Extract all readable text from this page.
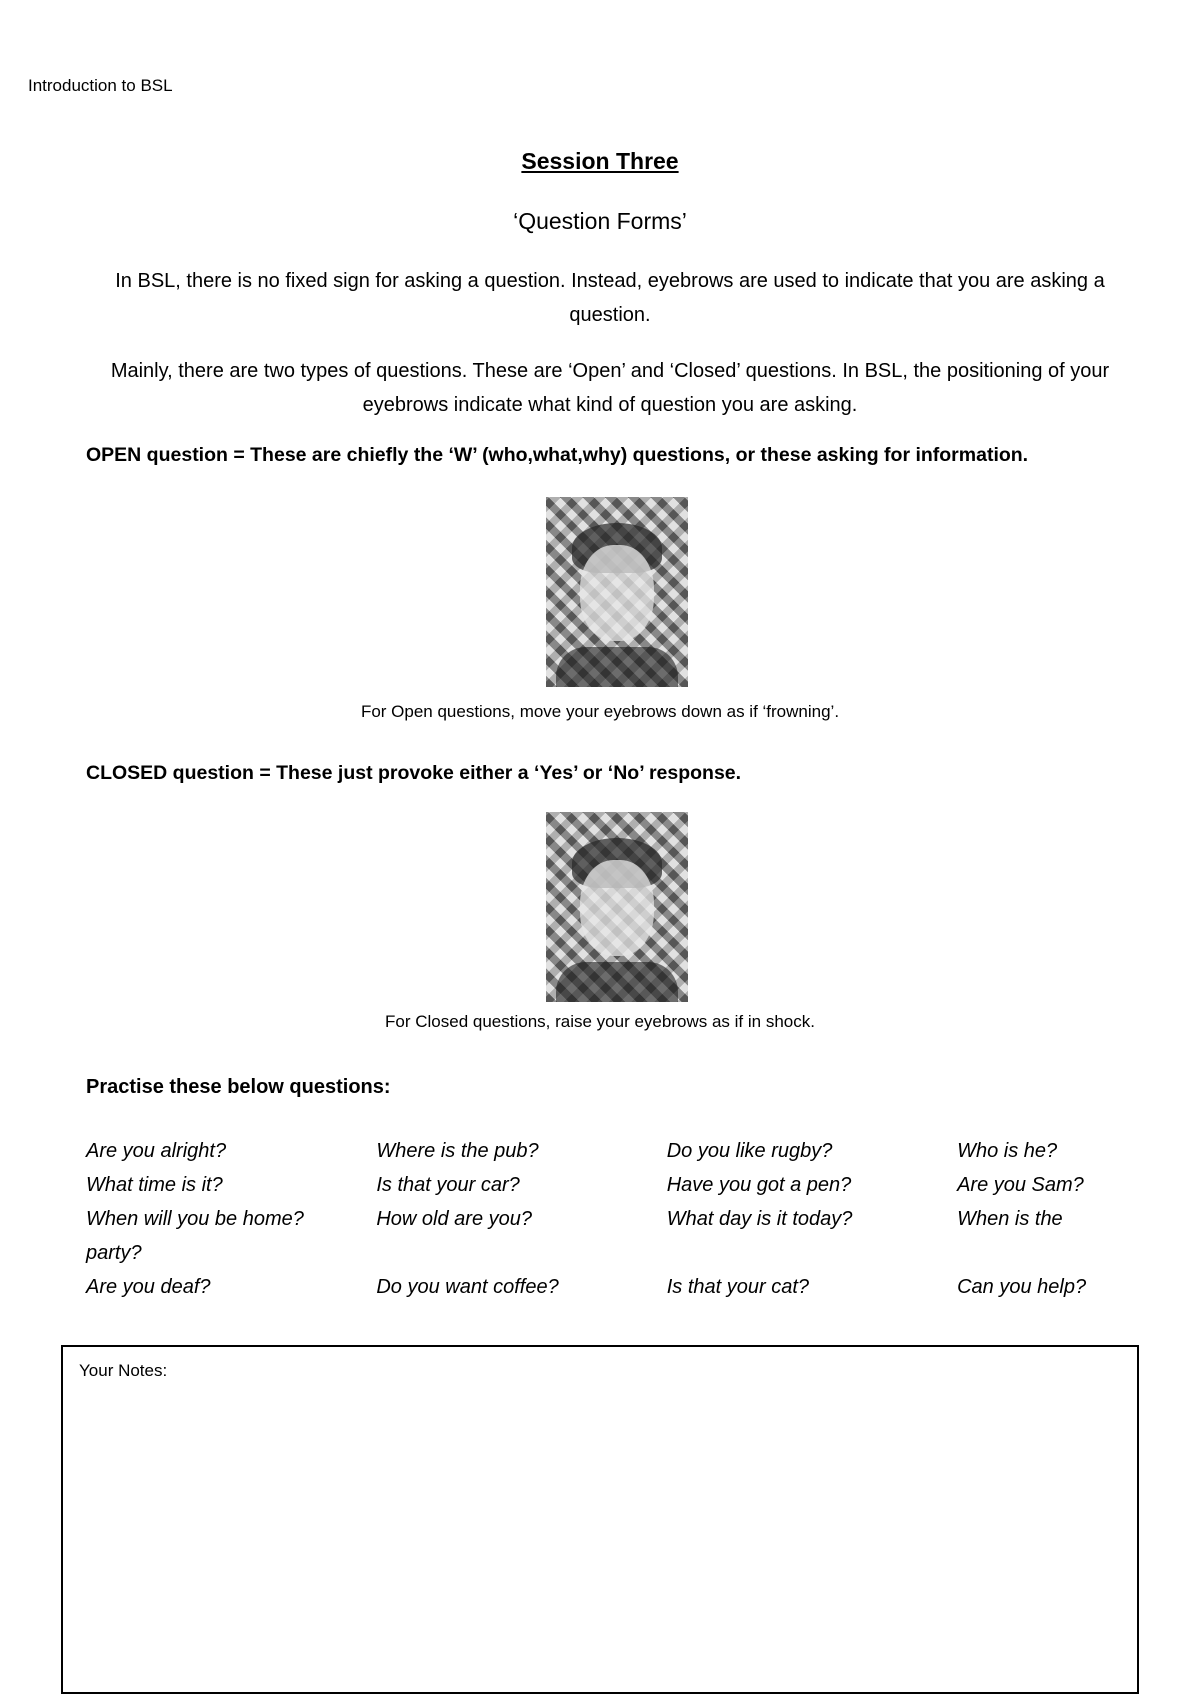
Introduction to BSL
Session Three
‘Question Forms’
In BSL, there is no fixed sign for asking a question. Instead, eyebrows are used to indicate that you are asking a question.
Mainly, there are two types of questions. These are ‘Open’ and ‘Closed’ questions. In BSL, the positioning of your eyebrows indicate what kind of question you are asking.
OPEN question = These are chiefly the ‘W’ (who,what,why) questions, or these asking for information.
For Open questions, move your eyebrows down as if ‘frowning’.
CLOSED question = These just provoke either a ‘Yes’ or ‘No’ response.
For Closed questions, raise your eyebrows as if in shock.
Practise these below questions:
Are you alright?	Where is the pub?	Do you like rugby?	Who is he?
What time is it?	Is that your car?	Have you got a pen?	Are you Sam?
When will you be home?	How old are you?	What day is it today?	When is the
party?
Are you deaf?	Do you want coffee?	Is that your cat?	Can you help?
Your Notes:
